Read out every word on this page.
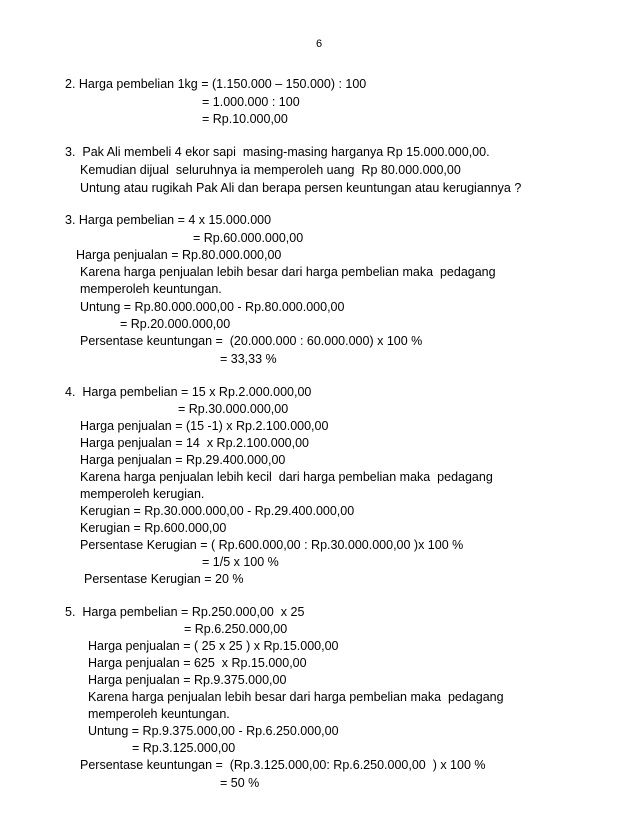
6
2. Harga pembelian 1kg = (1.150.000 – 150.000) : 100
= 1.000.000 : 100
= Rp.10.000,00
3.  Pak Ali membeli 4 ekor sapi  masing-masing harganya Rp 15.000.000,00.
Kemudian dijual  seluruhnya ia memperoleh uang  Rp 80.000.000,00
Untung atau rugikah Pak Ali dan berapa persen keuntungan atau kerugiannya ?
3. Harga pembelian = 4 x 15.000.000
= Rp.60.000.000,00
Harga penjualan = Rp.80.000.000,00
Karena harga penjualan lebih besar dari harga pembelian maka  pedagang
memperoleh keuntungan.
Untung = Rp.80.000.000,00 - Rp.80.000.000,00
= Rp.20.000.000,00
Persentase keuntungan =  (20.000.000 : 60.000.000) x 100 %
= 33,33 %
4.  Harga pembelian = 15 x Rp.2.000.000,00
= Rp.30.000.000,00
Harga penjualan = (15 -1) x Rp.2.100.000,00
Harga penjualan = 14  x Rp.2.100.000,00
Harga penjualan = Rp.29.400.000,00
Karena harga penjualan lebih kecil  dari harga pembelian maka  pedagang
memperoleh kerugian.
Kerugian = Rp.30.000.000,00 - Rp.29.400.000,00
Kerugian = Rp.600.000,00
Persentase Kerugian = ( Rp.600.000,00 : Rp.30.000.000,00 )x 100 %
= 1/5 x 100 %
Persentase Kerugian = 20 %
5.  Harga pembelian = Rp.250.000,00  x 25
= Rp.6.250.000,00
Harga penjualan = ( 25 x 25 ) x Rp.15.000,00
Harga penjualan = 625  x Rp.15.000,00
Harga penjualan = Rp.9.375.000,00
Karena harga penjualan lebih besar dari harga pembelian maka  pedagang
memperoleh keuntungan.
Untung = Rp.9.375.000,00 - Rp.6.250.000,00
= Rp.3.125.000,00
Persentase keuntungan =  (Rp.3.125.000,00: Rp.6.250.000,00  ) x 100 %
= 50 %
